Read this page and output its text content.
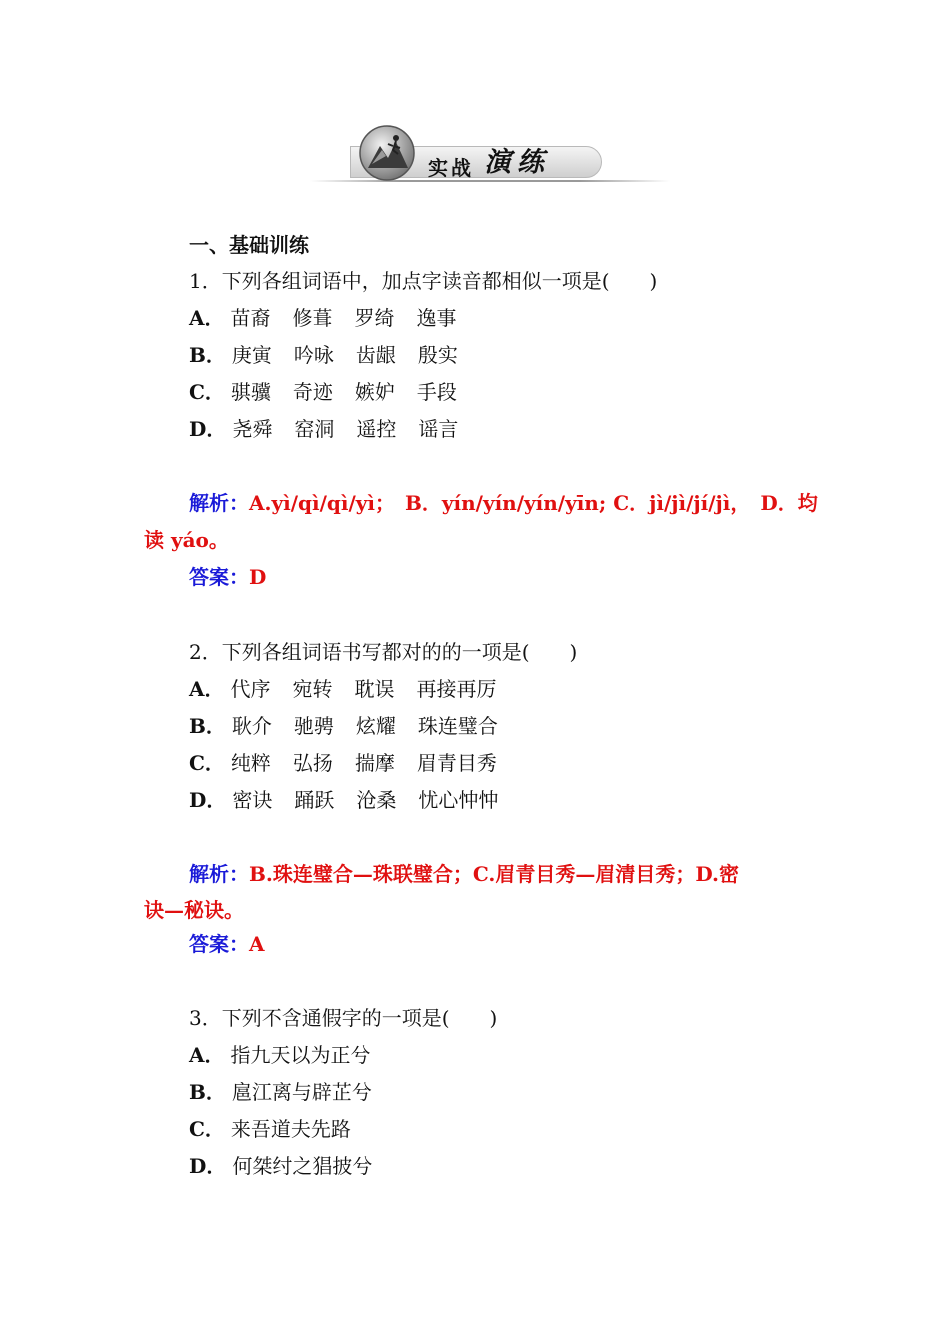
实战 演练
一、基础训练
1．下列各组词语中，加点字读音都相似一项是(　　)
A． 苗裔 修葺 罗绮 逸事
B． 庚寅 吟咏 齿龈 殷实
C． 骐骥 奇迹 嫉妒 手段
D． 尧舜 窑洞 遥控 谣言
解析：A.yì/qì/qì/yì；　B．yín/yín/yín/yīn; C．jì/jì/jí/jì，　D．均
读 yáo。
答案：D
2．下列各组词语书写都对的的一项是(　　)
A． 代序 宛转 耽误 再接再厉
B． 耿介 驰骋 炫耀 珠连璧合
C． 纯粹 弘扬 揣摩 眉青目秀
D． 密诀 踊跃 沧桑 忧心忡忡
解析：B.珠连璧合—珠联璧合；C.眉青目秀—眉清目秀；D.密
诀—秘诀。
答案：A
3．下列不含通假字的一项是(　　)
A． 指九天以为正兮
B． 扈江离与辟芷兮
C． 来吾道夫先路
D． 何桀纣之猖披兮
